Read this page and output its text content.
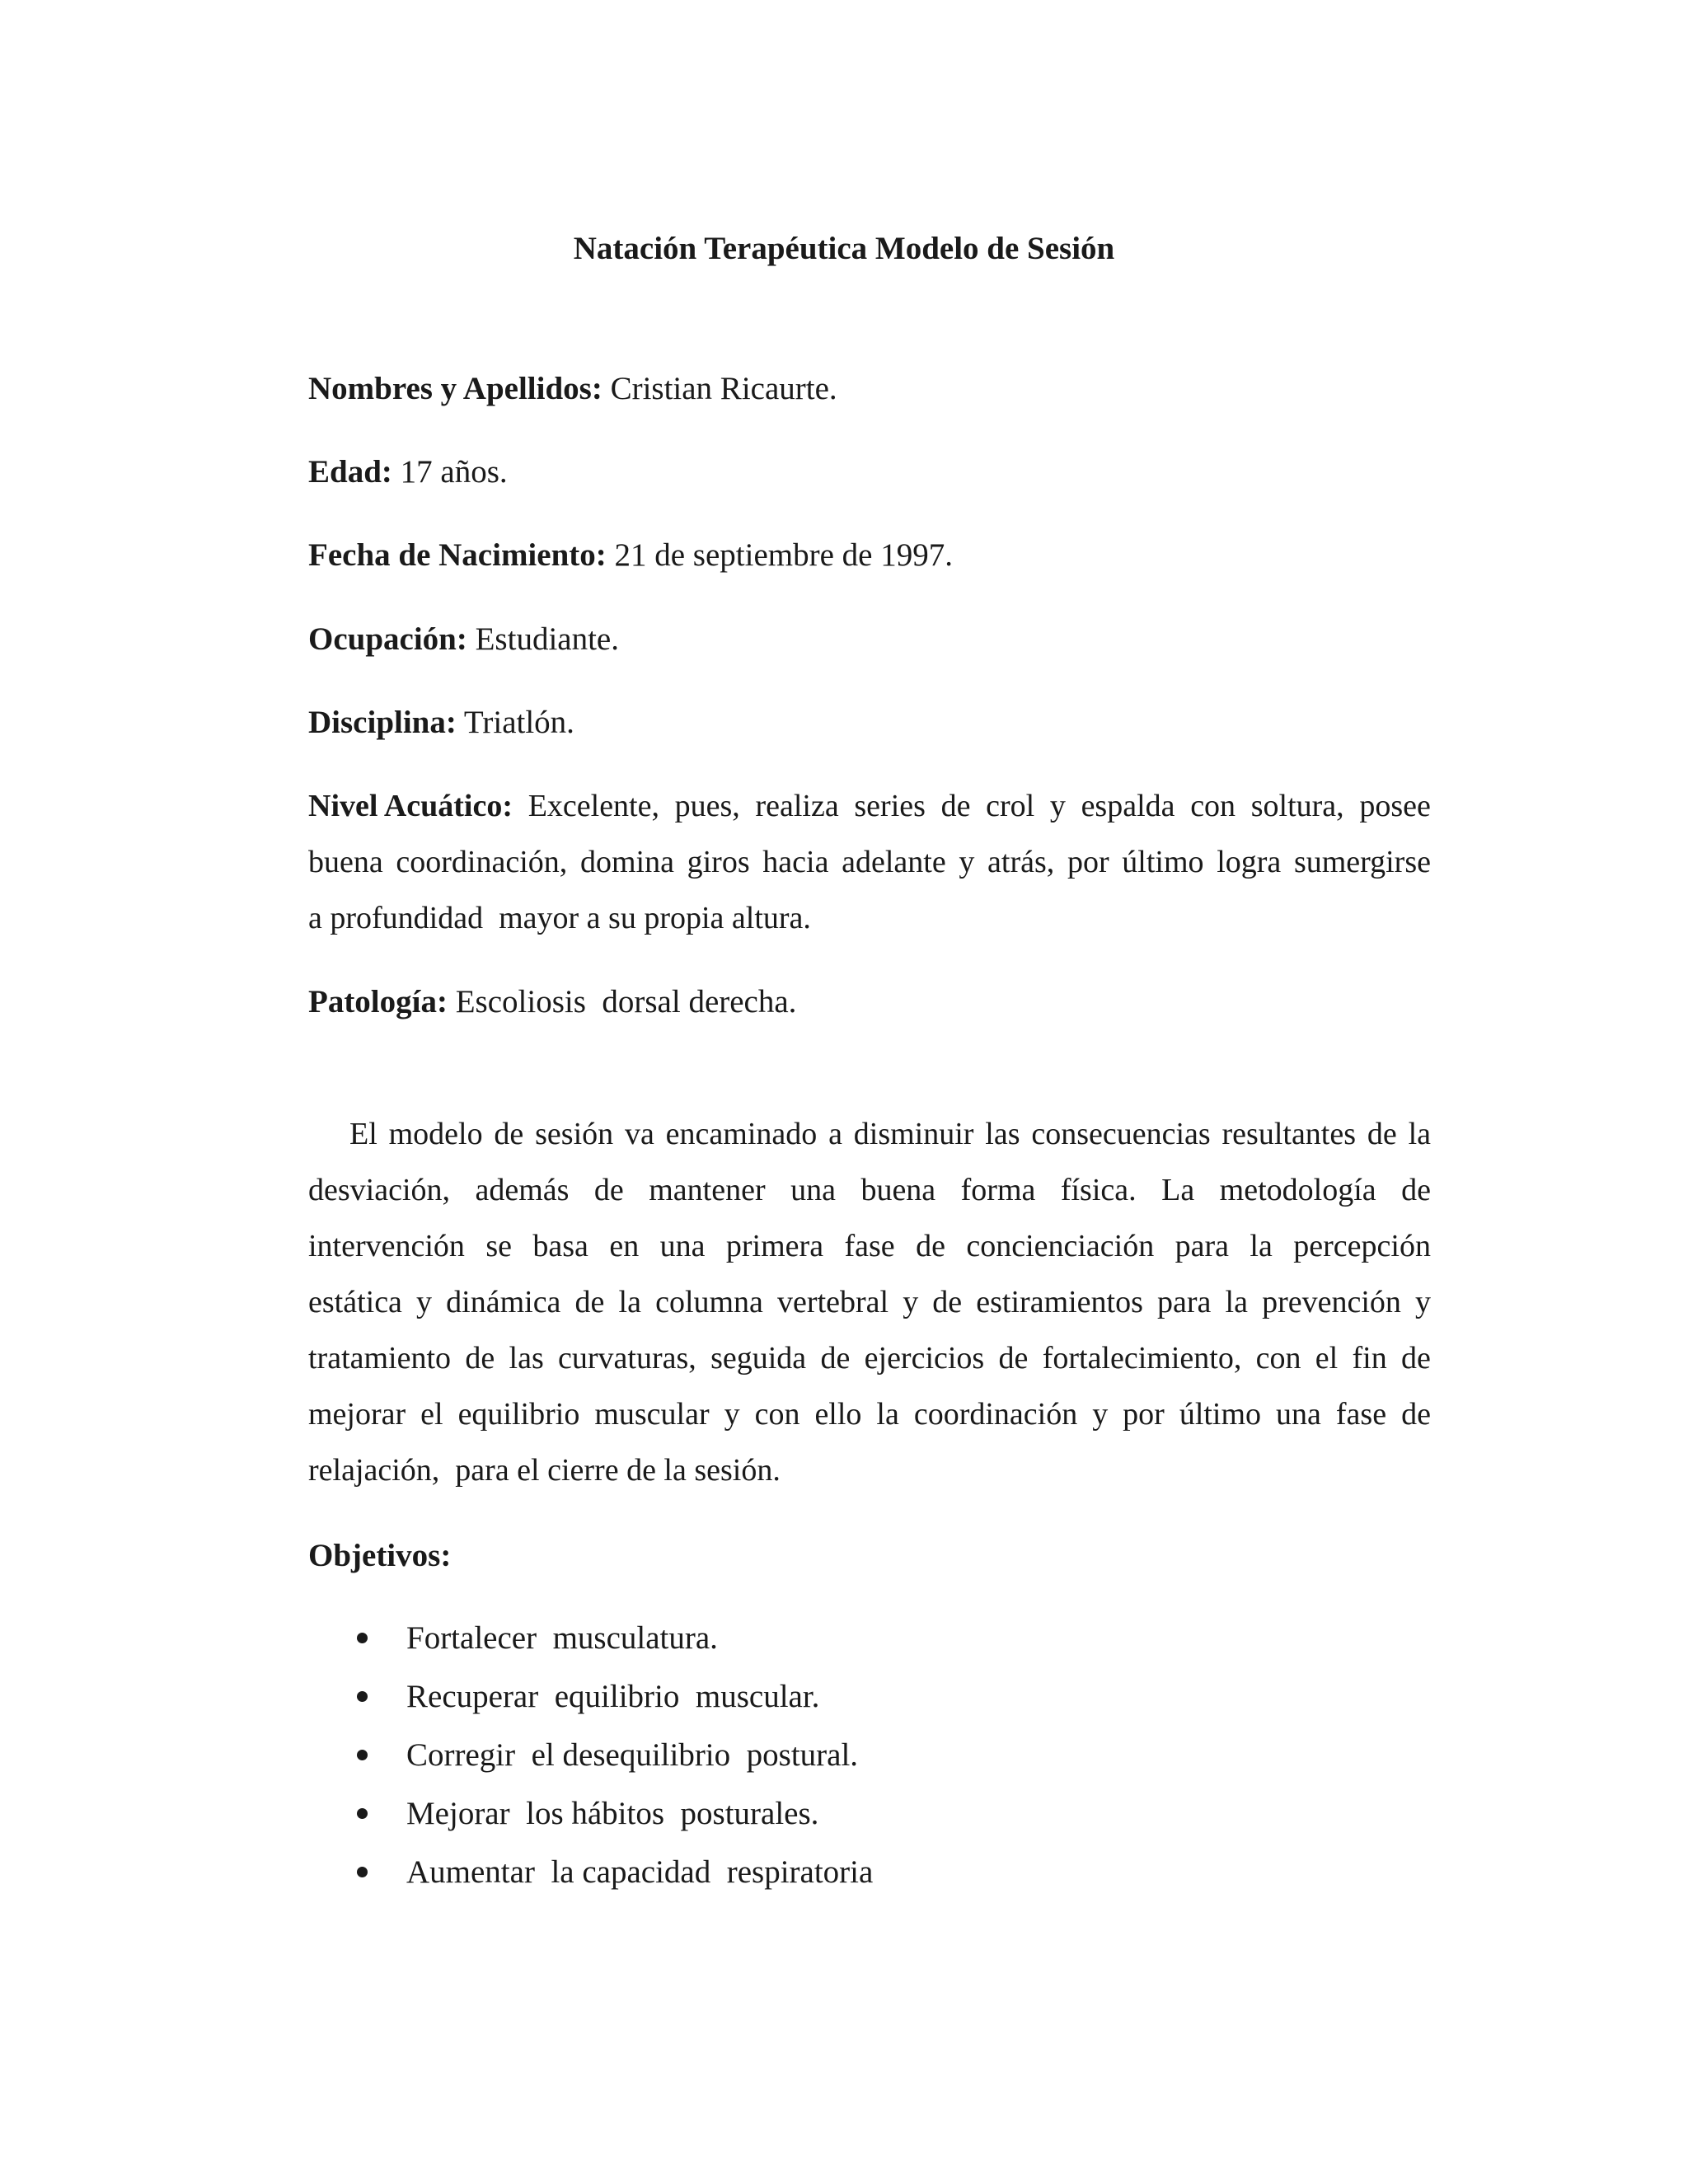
Natación Terapéutica Modelo de Sesión
Nombres y Apellidos: Cristian Ricaurte.
Edad: 17 años.
Fecha de Nacimiento: 21 de septiembre de 1997.
Ocupación: Estudiante.
Disciplina: Triatlón.
Nivel Acuático: Excelente, pues, realiza series de crol y espalda con soltura, posee
buena coordinación, domina giros hacia adelante y atrás, por último logra sumergirse
a profundidad  mayor a su propia altura.
Patología: Escoliosis  dorsal derecha.
El modelo de sesión va encaminado a disminuir las consecuencias resultantes de la
desviación, además de mantener una buena forma física. La metodología de
intervención se basa en una primera fase de concienciación para la percepción
estática y dinámica de la columna vertebral y de estiramientos para la prevención y
tratamiento de las curvaturas, seguida de ejercicios de fortalecimiento, con el fin de
mejorar el equilibrio muscular y con ello la coordinación y por último una fase de
relajación,  para el cierre de la sesión.
Objetivos:
Fortalecer  musculatura.
Recuperar  equilibrio  muscular.
Corregir  el desequilibrio  postural.
Mejorar  los hábitos  posturales.
Aumentar  la capacidad  respiratoria
